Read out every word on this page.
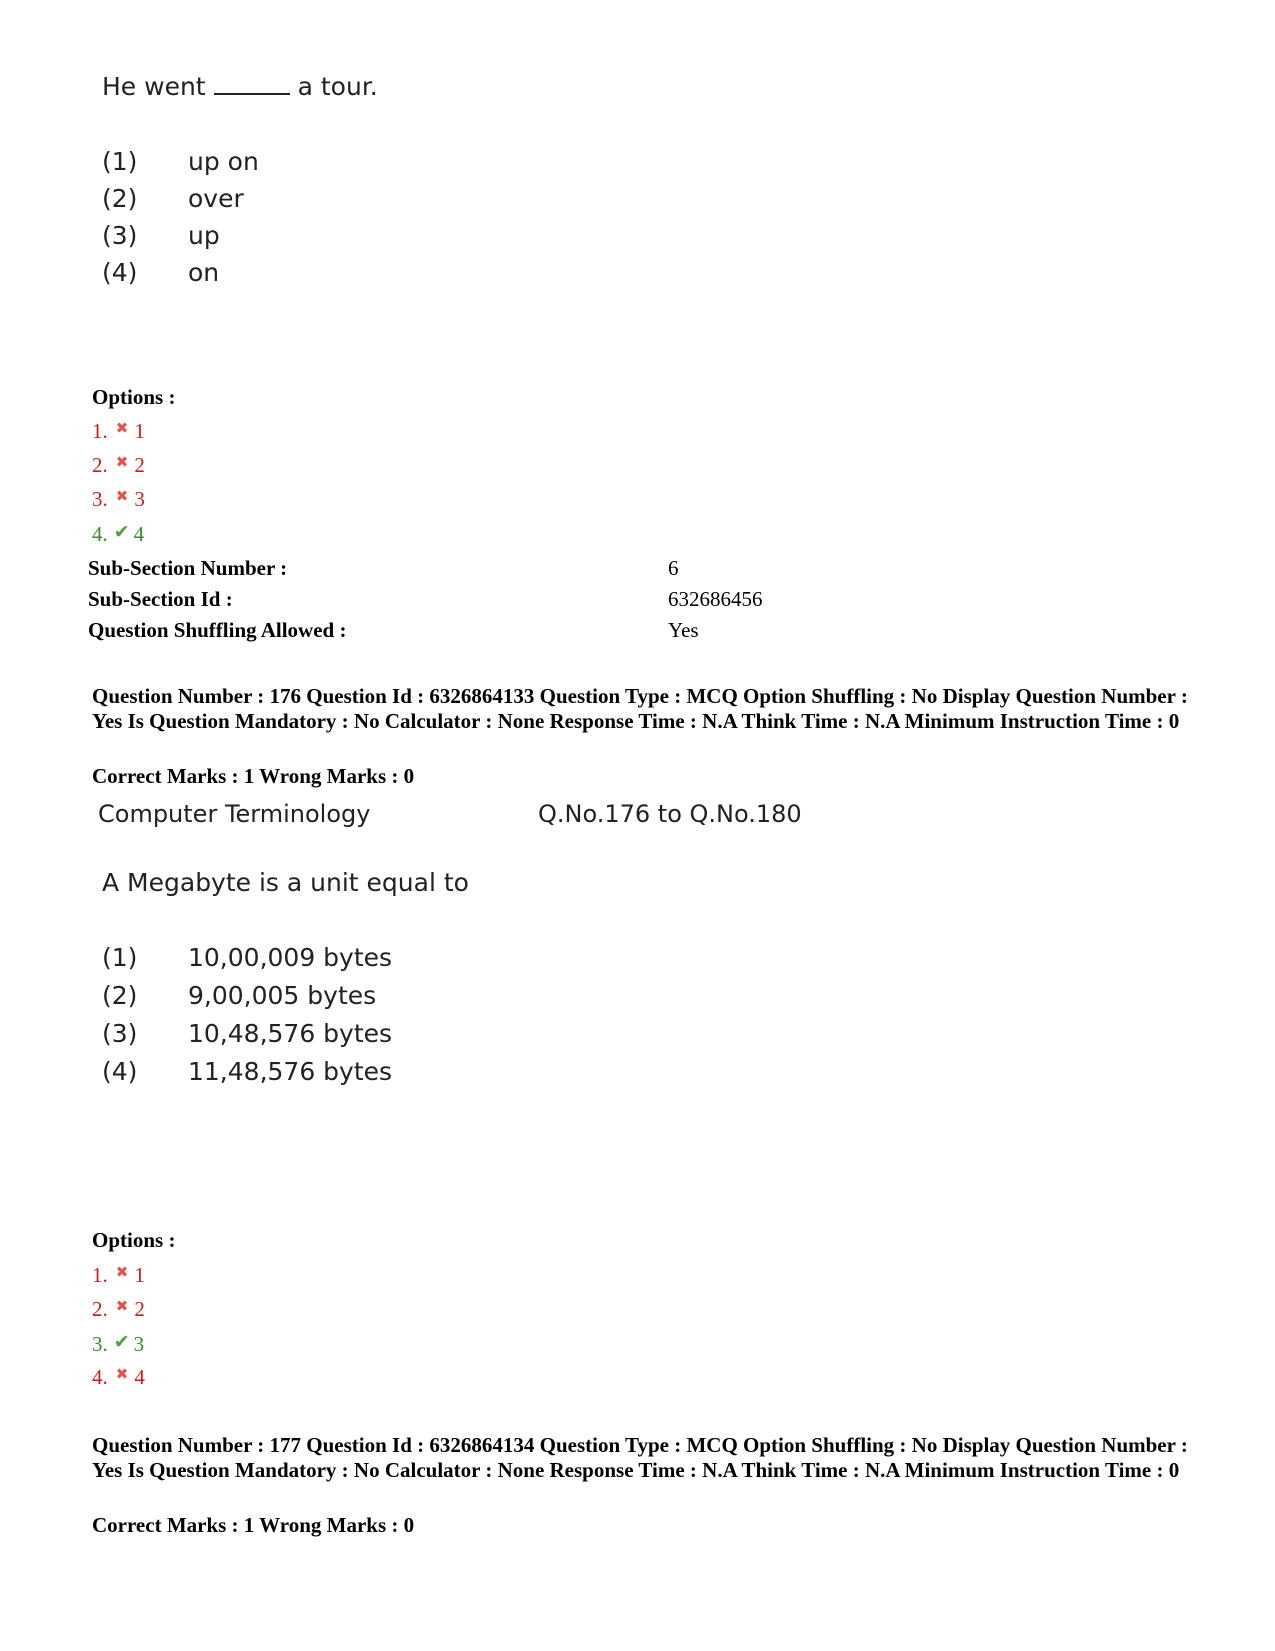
He went	a tour.
(1) up on
(2) over
(3) up
(4) on
Options :
1. ✖ 1
2. ✖ 2
3. ✖ 3
4. ✔ 4
Sub-Section Number :	6
Sub-Section Id :	632686456
Question Shuffling Allowed :	Yes
Question Number : 176 Question Id : 6326864133 Question Type : MCQ Option Shuffling : No Display Question Number : Yes Is Question Mandatory : No Calculator : None Response Time : N.A Think Time : N.A Minimum Instruction Time : 0
Correct Marks : 1 Wrong Marks : 0
Computer Terminology	Q.No.176 to Q.No.180
A Megabyte is a unit equal to
(1) 10,00,009 bytes
(2) 9,00,005 bytes
(3) 10,48,576 bytes
(4) 11,48,576 bytes
Options :
1. ✖ 1
2. ✖ 2
3. ✔ 3
4. ✖ 4
Question Number : 177 Question Id : 6326864134 Question Type : MCQ Option Shuffling : No Display Question Number : Yes Is Question Mandatory : No Calculator : None Response Time : N.A Think Time : N.A Minimum Instruction Time : 0
Correct Marks : 1 Wrong Marks : 0
